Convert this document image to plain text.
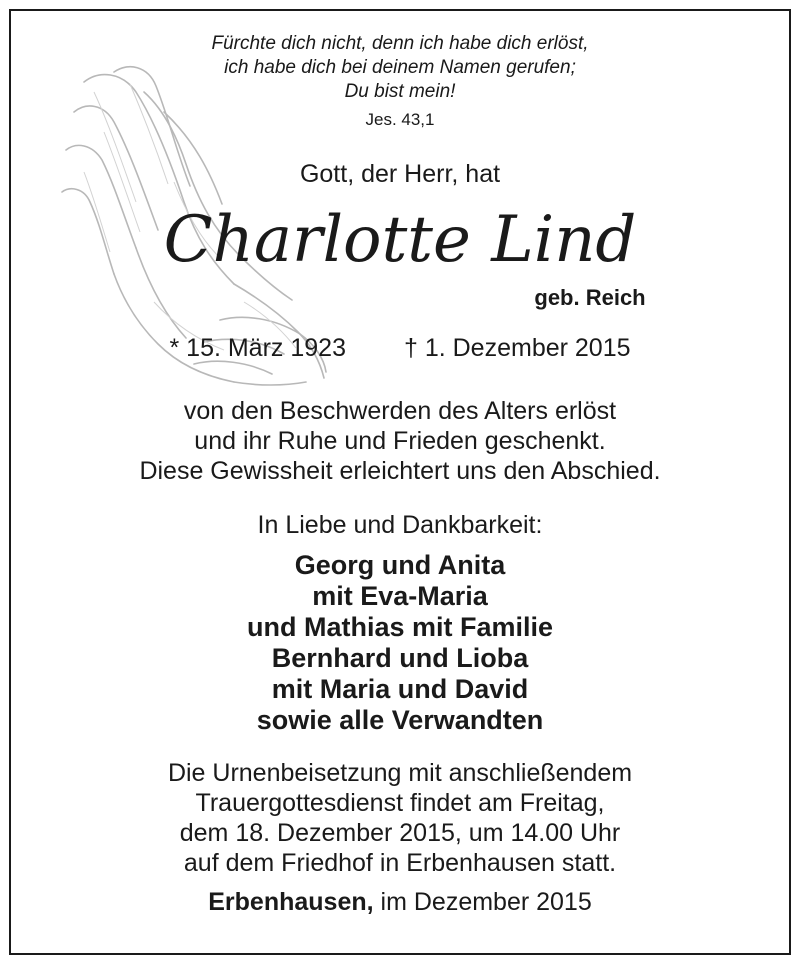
Fürchte dich nicht, denn ich habe dich erlöst,
ich habe dich bei deinem Namen gerufen;
Du bist mein!
Jes. 43,1
Gott, der Herr, hat
Charlotte Lind
geb. Reich
* 15. März 1923 † 1. Dezember 2015
von den Beschwerden des Alters erlöst
und ihr Ruhe und Frieden geschenkt.
Diese Gewissheit erleichtert uns den Abschied.
In Liebe und Dankbarkeit:
Georg und Anita
mit Eva-Maria
und Mathias mit Familie
Bernhard und Lioba
mit Maria und David
sowie alle Verwandten
Die Urnenbeisetzung mit anschließendem
Trauergottesdienst findet am Freitag,
dem 18. Dezember 2015, um 14.00 Uhr
auf dem Friedhof in Erbenhausen statt.
Erbenhausen, im Dezember 2015
